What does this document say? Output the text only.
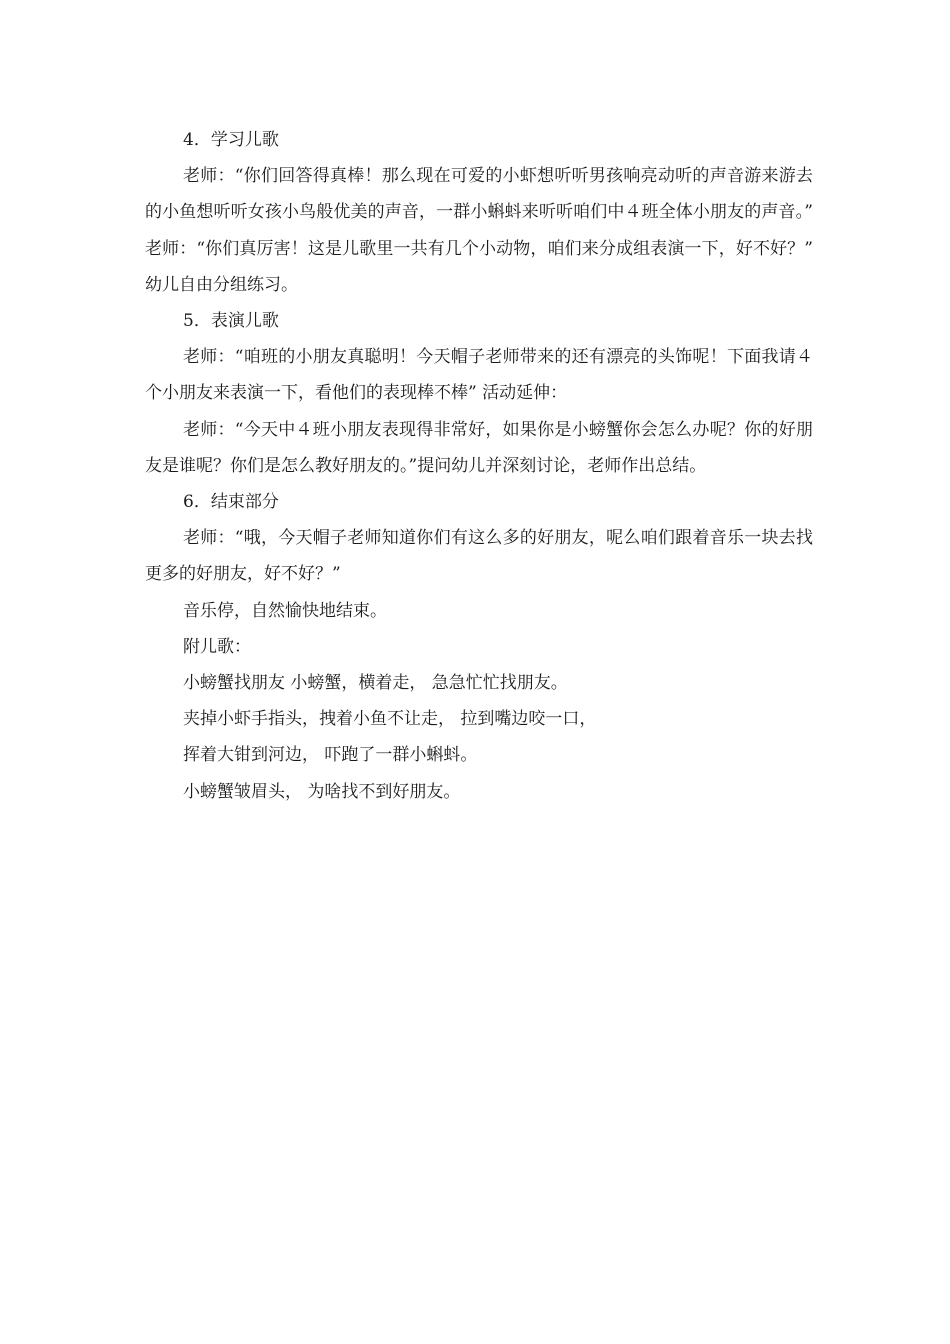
4．学习儿歌

老师：“你们回答得真棒！那么现在可爱的小虾想听听男孩响亮动听的声音游来游去的小鱼想听听女孩小鸟般优美的声音，一群小蝌蚪来听听咱们中４班全体小朋友的声音。” 老师：“你们真厉害！这是儿歌里一共有几个小动物，咱们来分成组表演一下，好不好？” 幼儿自由分组练习。

5．表演儿歌

老师：“咱班的小朋友真聪明！今天帽子老师带来的还有漂亮的头饰呢！下面我请４个小朋友来表演一下，看他们的表现棒不棒” 活动延伸：

老师：“今天中４班小朋友表现得非常好，如果你是小螃蟹你会怎么办呢？你的好朋友是谁呢？你们是怎么教好朋友的。”提问幼儿并深刻讨论，老师作出总结。

6．结束部分

老师：“哦，今天帽子老师知道你们有这么多的好朋友，呢么咱们跟着音乐一块去找更多的好朋友，好不好？”

音乐停，自然愉快地结束。

附儿歌：

小螃蟹找朋友 小螃蟹，横着走， 急急忙忙找朋友。

夹掉小虾手指头，拽着小鱼不让走， 拉到嘴边咬一口，

挥着大钳到河边， 吓跑了一群小蝌蚪。

小螃蟹皱眉头， 为啥找不到好朋友。
